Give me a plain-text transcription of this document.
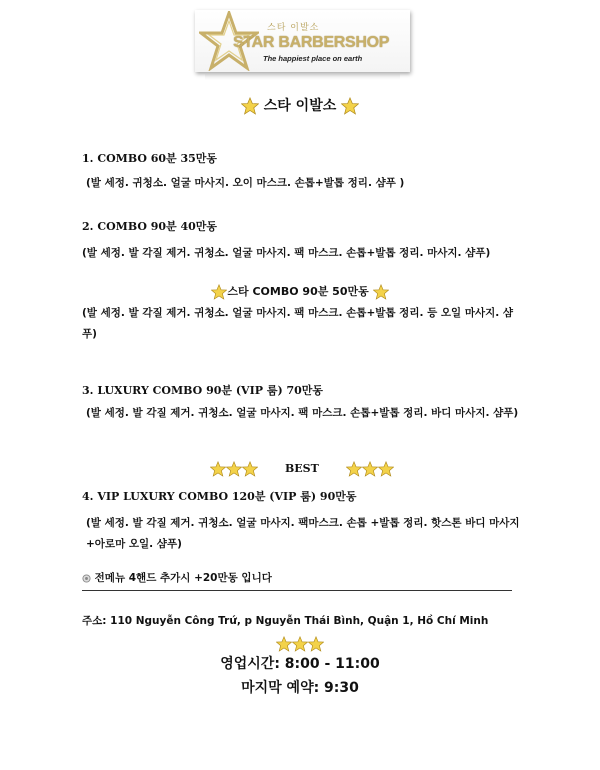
스타 이발소
STAR BARBERSHOP
The happiest place on earth
스타 이발소
1. COMBO 60분 35만동
(발 세정. 귀청소. 얼굴 마사지. 오이 마스크. 손톱+발톱 정리. 샴푸 )
2. COMBO 90분 40만동
(발 세정. 발 각질 제거. 귀청소. 얼굴 마사지. 팩 마스크. 손톱+발톱 정리. 마사지. 샴푸)
스타 COMBO 90분 50만동
(발 세정. 발 각질 제거. 귀청소. 얼굴 마사지. 팩 마스크. 손톱+발톱 정리. 등 오일 마사지. 샴푸)
3. LUXURY COMBO 90분 (VIP 룸) 70만동
(발 세정. 발 각질 제거. 귀청소. 얼굴 마사지. 팩 마스크. 손톱+발톱 정리. 바디 마사지. 샴푸)
BEST
4. VIP LUXURY COMBO 120분 (VIP 룸) 90만동
(발 세정. 발 각질 제거. 귀청소. 얼굴 마사지. 팩마스크. 손톱 +발톱 정리. 핫스톤 바디 마사지+아로마 오일. 샴푸)
전메뉴 4핸드 추가시 +20만동 입니다
주소: 110 Nguyễn Công Trứ, p Nguyễn Thái Bình, Quận 1, Hồ Chí Minh
영업시간: 8:00 - 11:00
마지막 예약: 9:30
